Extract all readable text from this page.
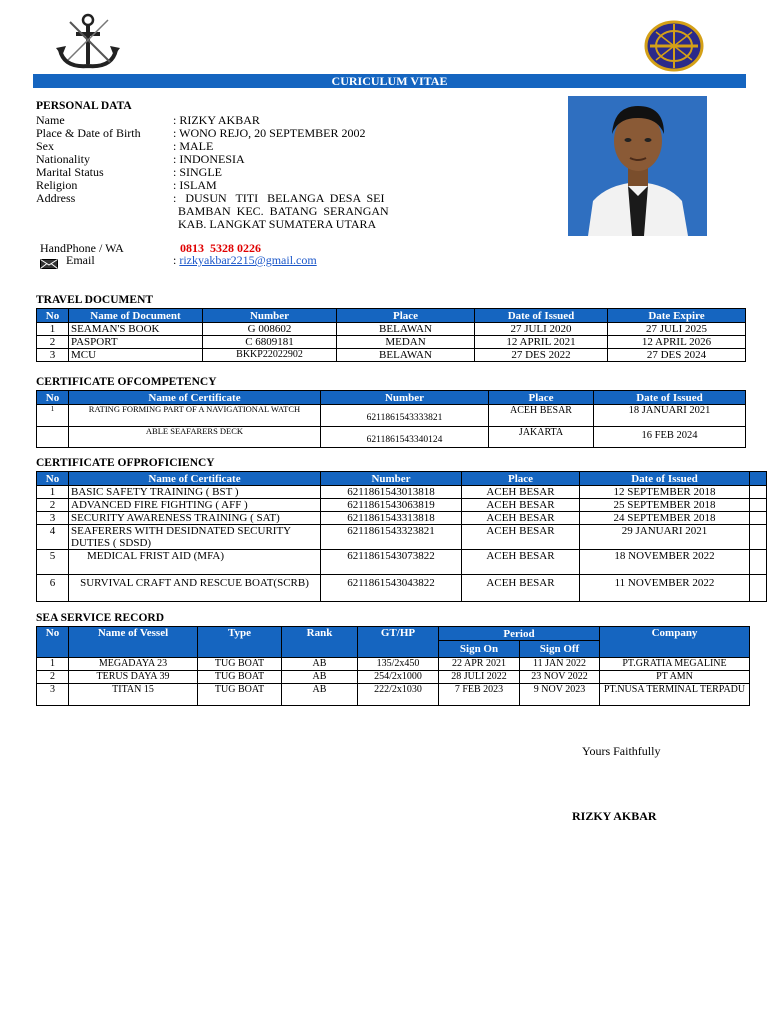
CURICULUM VITAE
PERSONAL DATA
Name	: RIZKY AKBAR
Place & Date of Birth	: WONO REJO, 20 SEPTEMBER 2002
Sex	: MALE
Nationality	: INDONESIA
Marital Status	: SINGLE
Religion	: ISLAM
Address	:   DUSUN   TITI   BELANGA  DESA  SEI
BAMBAN  KEC.  BATANG  SERANGAN
KAB. LANGKAT SUMATERA UTARA
HandPhone / WA	0813  5328 0226
Email	: rizkyakbar2215@gmail.com
TRAVEL DOCUMENT
No	Name of Document	Number	Place	Date of Issued	Date Expire
1	SEAMAN'S BOOK	G 008602	BELAWAN	27 JULI 2020	27 JULI 2025
2	PASPORT	C 6809181	MEDAN	12 APRIL 2021	12 APRIL 2026
3	MCU	BKKP22022902	BELAWAN	27 DES 2022	27 DES 2024
CERTIFICATE OFCOMPETENCY
No	Name of Certificate	Number	Place	Date of Issued
1	RATING FORMING PART OF A NAVIGATIONAL WATCH	6211861543333821	ACEH BESAR	18 JANUARI 2021
	ABLE SEAFARERS DECK	6211861543340124	JAKARTA	16 FEB 2024
CERTIFICATE OFPROFICIENCY
No	Name of Certificate	Number	Place	Date of Issued	
1	BASIC SAFETY TRAINING ( BST )	6211861543013818	ACEH BESAR	12 SEPTEMBER 2018	
2	ADVANCED FIRE FIGHTING ( AFF )	6211861543063819	ACEH BESAR	25 SEPTEMBER 2018	
3	SECURITY AWARENESS TRAINING ( SAT)	6211861543313818	ACEH BESAR	24 SEPTEMBER 2018	
4	SEAFERERS WITH DESIDNATED SECURITY DUTIES ( SDSD)	6211861543323821	ACEH BESAR	29 JANUARI 2021	
5	MEDICAL FRIST AID (MFA)	6211861543073822	ACEH BESAR	18 NOVEMBER 2022	
6	SURVIVAL CRAFT AND RESCUE BOAT(SCRB)	6211861543043822	ACEH BESAR	11 NOVEMBER 2022	
SEA SERVICE RECORD
No	Name of Vessel	Type	Rank	GT/HP	Period		Company
					Sign On	Sign Off	
1	MEGADAYA 23	TUG BOAT	AB	135/2x450	22 APR 2021	11 JAN 2022	PT.GRATIA MEGALINE
2	TERUS DAYA 39	TUG BOAT	AB	254/2x1000	28 JULI 2022	23 NOV 2022	PT AMN
3	TITAN 15	TUG BOAT	AB	222/2x1030	7 FEB 2023	9 NOV 2023	PT.NUSA TERMINAL TERPADU
Yours Faithfully
RIZKY AKBAR
